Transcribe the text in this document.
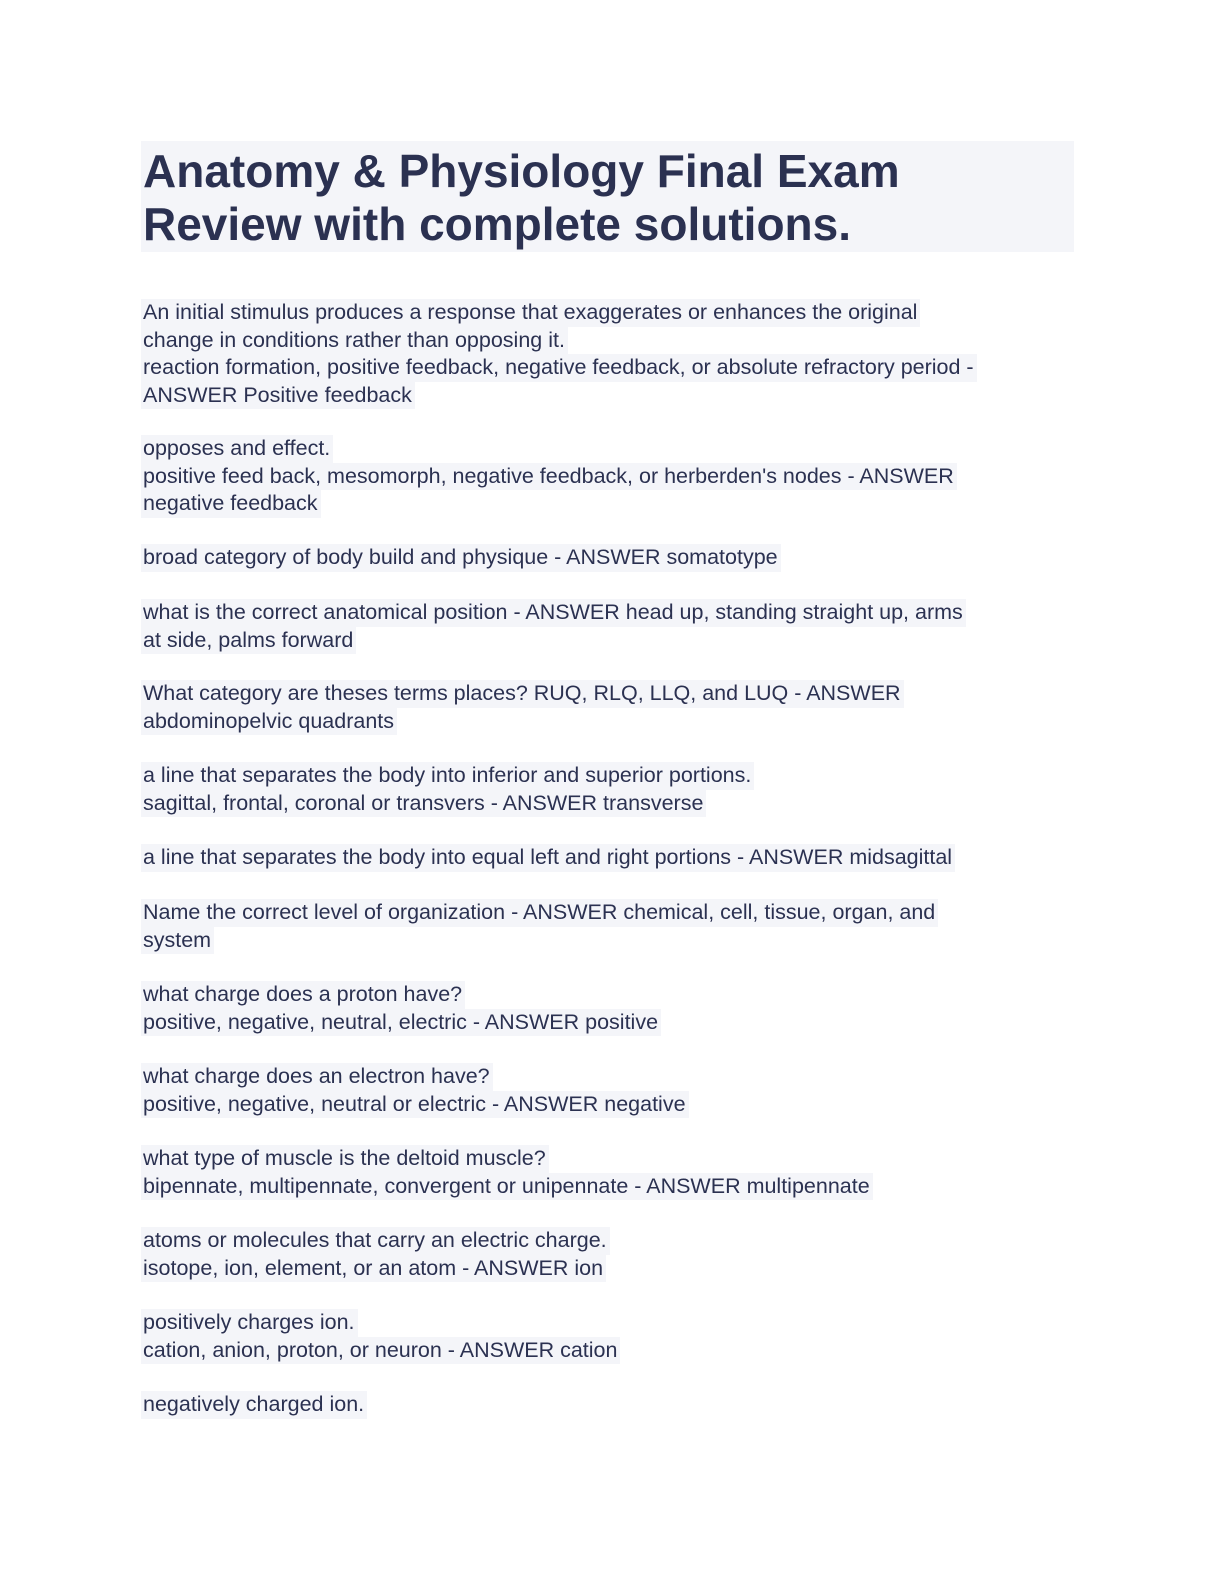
Anatomy & Physiology Final Exam
Review with complete solutions.
An initial stimulus produces a response that exaggerates or enhances the original
change in conditions rather than opposing it.
reaction formation, positive feedback, negative feedback, or absolute refractory period -
ANSWER Positive feedback
opposes and effect.
positive feed back, mesomorph, negative feedback, or herberden's nodes - ANSWER
negative feedback
broad category of body build and physique - ANSWER somatotype
what is the correct anatomical position - ANSWER head up, standing straight up, arms
at side, palms forward
What category are theses terms places? RUQ, RLQ, LLQ, and LUQ - ANSWER
abdominopelvic quadrants
a line that separates the body into inferior and superior portions.
sagittal, frontal, coronal or transvers - ANSWER transverse
a line that separates the body into equal left and right portions - ANSWER midsagittal
Name the correct level of organization - ANSWER chemical, cell, tissue, organ, and
system
what charge does a proton have?
positive, negative, neutral, electric - ANSWER positive
what charge does an electron have?
positive, negative, neutral or electric - ANSWER negative
what type of muscle is the deltoid muscle?
bipennate, multipennate, convergent or unipennate - ANSWER multipennate
atoms or molecules that carry an electric charge.
isotope, ion, element, or an atom - ANSWER ion
positively charges ion.
cation, anion, proton, or neuron - ANSWER cation
negatively charged ion.
